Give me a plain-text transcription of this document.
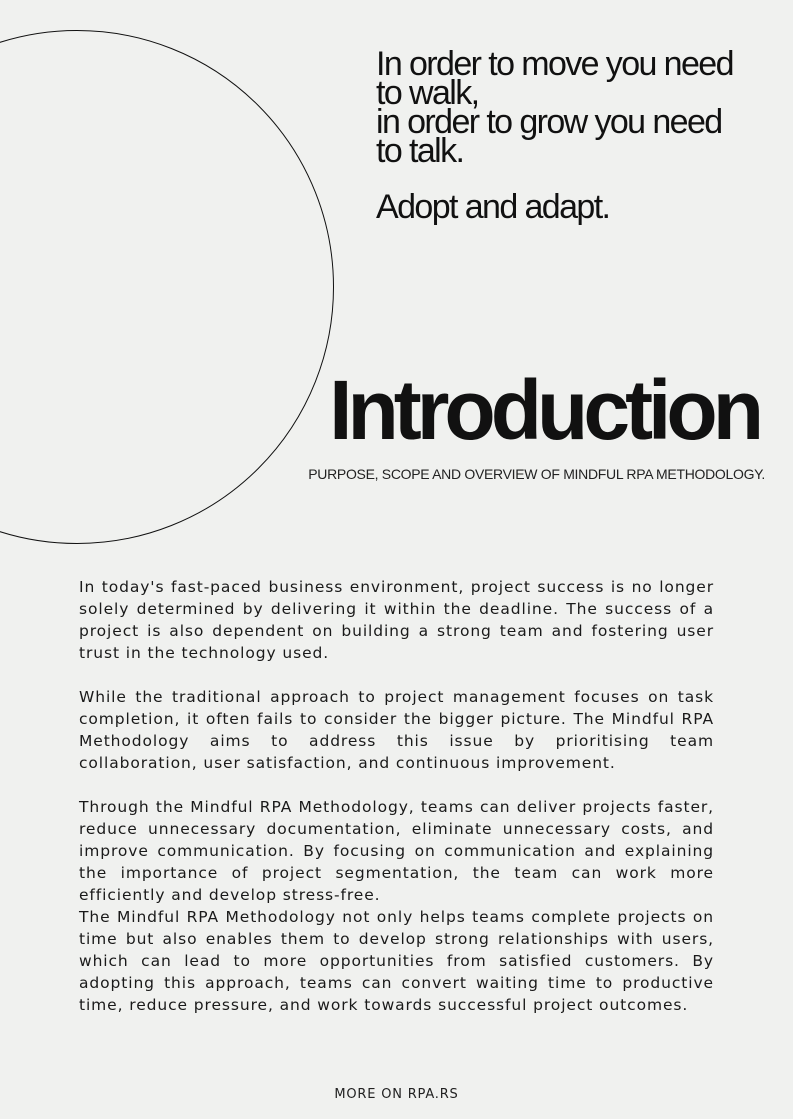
In order to move you need
to walk,
in order to grow you need
to talk.

Adopt and adapt.

Introduction

PURPOSE, SCOPE AND OVERVIEW OF MINDFUL RPA METHODOLOGY.

In today's fast-paced business environment, project success is no longer solely determined by delivering it within the deadline. The success of a project is also dependent on building a strong team and fostering user trust in the technology used.

While the traditional approach to project management focuses on task completion, it often fails to consider the bigger picture. The Mindful RPA Methodology aims to address this issue by prioritising team collaboration, user satisfaction, and continuous improvement.

Through the Mindful RPA Methodology, teams can deliver projects faster, reduce unnecessary documentation, eliminate unnecessary costs, and improve communication. By focusing on communication and explaining the importance of project segmentation, the team can work more efficiently and develop stress-free.

The Mindful RPA Methodology not only helps teams complete projects on time but also enables them to develop strong relationships with users, which can lead to more opportunities from satisfied customers. By adopting this approach, teams can convert waiting time to productive time, reduce pressure, and work towards successful project outcomes.

MORE ON RPA.RS
